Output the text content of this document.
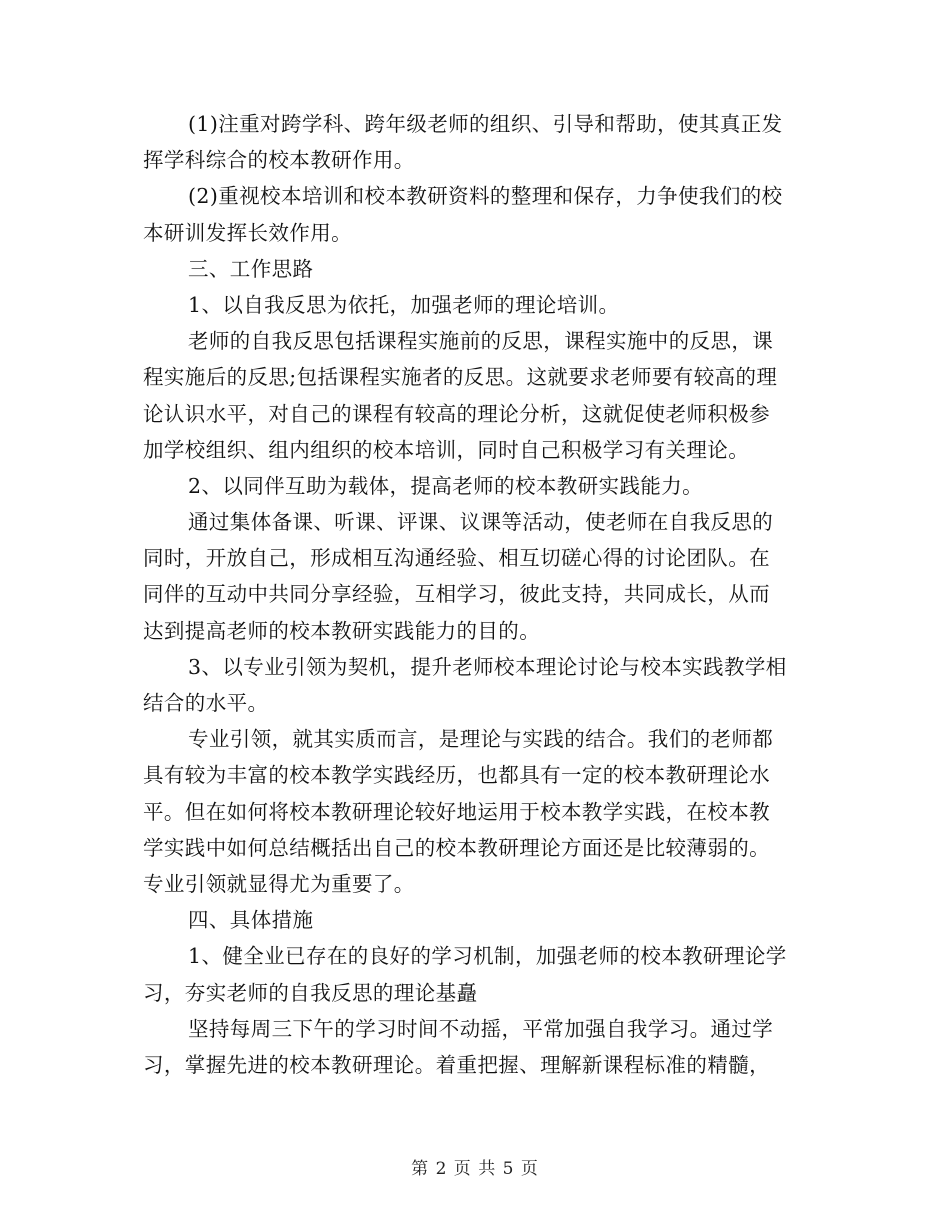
(1)注重对跨学科、跨年级老师的组织、引导和帮助，使其真正发
挥学科综合的校本教研作用。
(2)重视校本培训和校本教研资料的整理和保存，力争使我们的校
本研训发挥长效作用。
三、工作思路
1、以自我反思为依托，加强老师的理论培训。
老师的自我反思包括课程实施前的反思，课程实施中的反思，课
程实施后的反思;包括课程实施者的反思。这就要求老师要有较高的理
论认识水平，对自己的课程有较高的理论分析，这就促使老师积极参
加学校组织、组内组织的校本培训，同时自己积极学习有关理论。
2、以同伴互助为载体，提高老师的校本教研实践能力。
通过集体备课、听课、评课、议课等活动，使老师在自我反思的
同时，开放自己，形成相互沟通经验、相互切磋心得的讨论团队。在
同伴的互动中共同分享经验，互相学习，彼此支持，共同成长，从而
达到提高老师的校本教研实践能力的目的。
3、以专业引领为契机，提升老师校本理论讨论与校本实践教学相
结合的水平。
专业引领，就其实质而言，是理论与实践的结合。我们的老师都
具有较为丰富的校本教学实践经历，也都具有一定的校本教研理论水
平。但在如何将校本教研理论较好地运用于校本教学实践，在校本教
学实践中如何总结概括出自己的校本教研理论方面还是比较薄弱的。
专业引领就显得尤为重要了。
四、具体措施
1、健全业已存在的良好的学习机制，加强老师的校本教研理论学
习，夯实老师的自我反思的理论基矗
坚持每周三下午的学习时间不动摇，平常加强自我学习。通过学
习，掌握先进的校本教研理论。着重把握、理解新课程标准的精髓，
第 2 页 共 5 页
